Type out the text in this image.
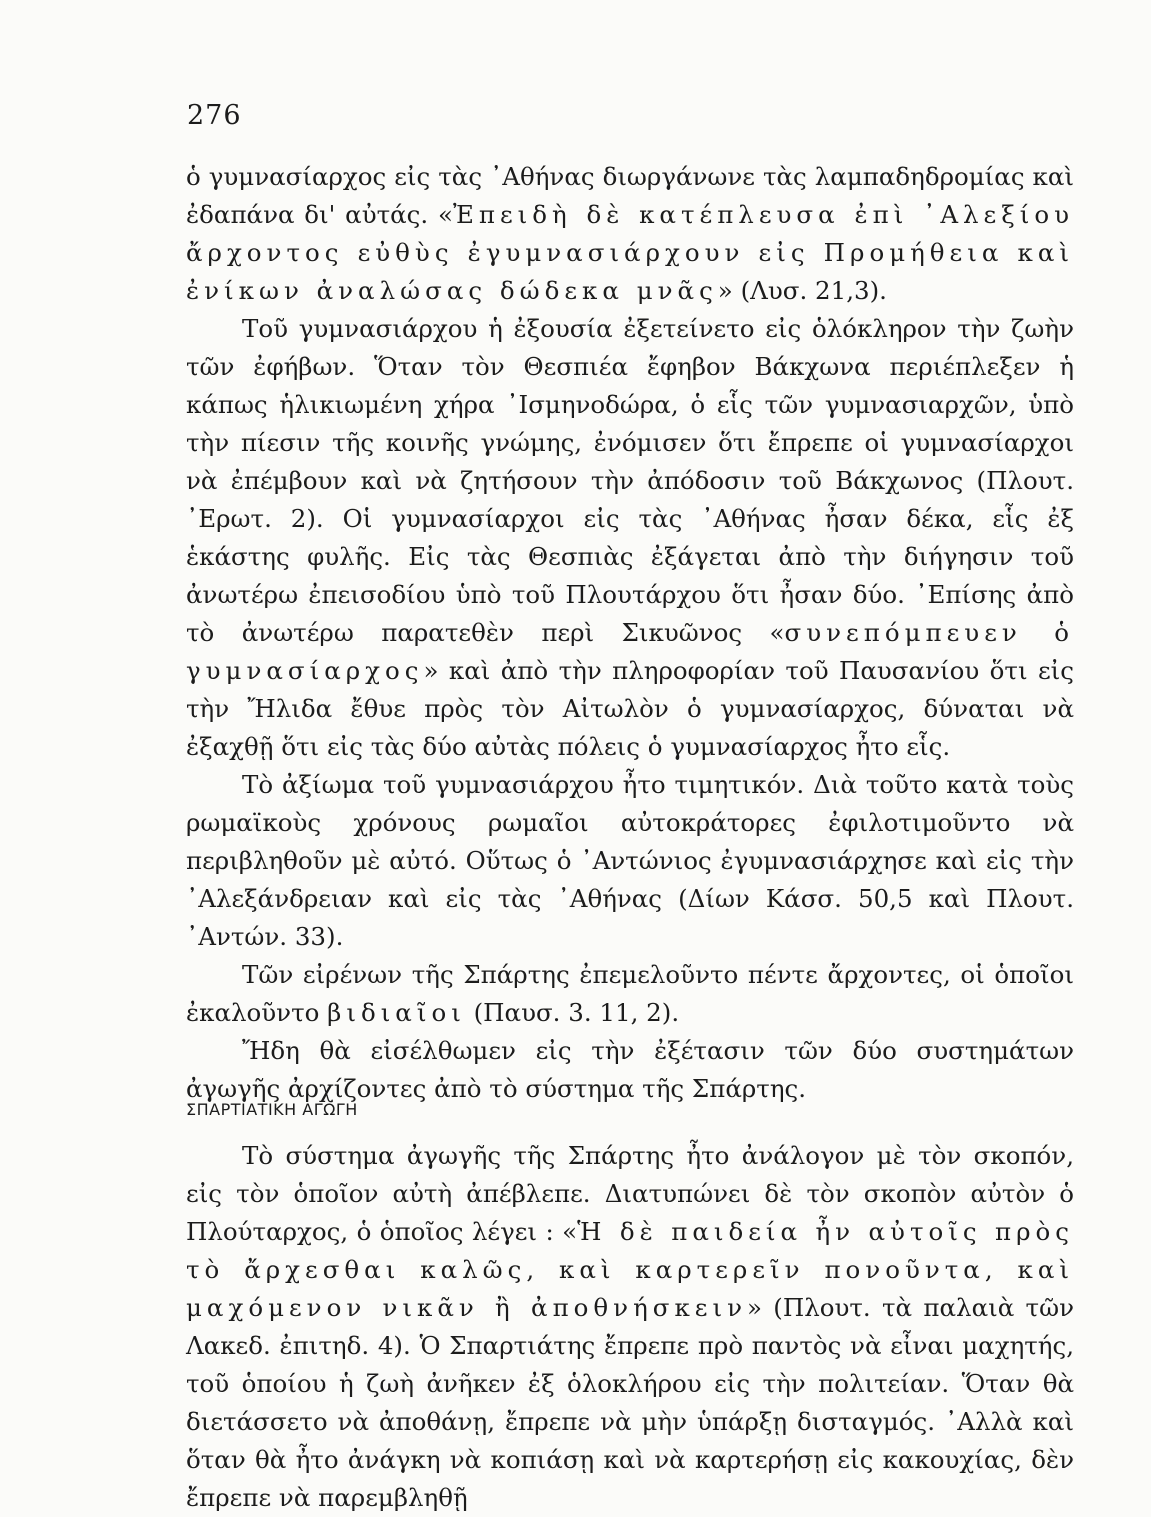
276

ὁ γυμνασίαρχος εἰς τὰς ᾿Αθήνας διωργάνωνε τὰς λαμπαδηδρομίας καὶ ἐδαπάνα δι' αὐτάς. «Ἐπειδὴ δὲ κατέπλευσα ἐπὶ ᾿Αλεξίου ἄρχοντος εὐθὺς ἐγυμνασιάρχουν εἰς Προμήθεια καὶ ἐνίκων ἀναλώσας δώδεκα μνᾶς» (Λυσ. 21,3).

Τοῦ γυμνασιάρχου ἡ ἐξουσία ἐξετείνετο εἰς ὁλόκληρον τὴν ζωὴν τῶν ἐφήβων. Ὅταν τὸν Θεσπιέα ἔφηβον Βάκχωνα περιέπλεξεν ἡ κάπως ἡλικιωμένη χήρα ᾿Ισμηνοδώρα, ὁ εἷς τῶν γυμνασιαρχῶν, ὑπὸ τὴν πίεσιν τῆς κοινῆς γνώμης, ἐνόμισεν ὅτι ἔπρεπε οἱ γυμνασίαρχοι νὰ ἐπέμβουν καὶ νὰ ζητήσουν τὴν ἀπόδοσιν τοῦ Βάκχωνος (Πλουτ. ᾿Ερωτ. 2). Οἱ γυμνασίαρχοι εἰς τὰς ᾿Αθήνας ἦσαν δέκα, εἷς ἐξ ἑκάστης φυλῆς. Εἰς τὰς Θεσπιὰς ἐξάγεται ἀπὸ τὴν διήγησιν τοῦ ἀνωτέρω ἐπεισοδίου ὑπὸ τοῦ Πλουτάρχου ὅτι ἦσαν δύο. ᾿Επίσης ἀπὸ τὸ ἀνωτέρω παρατεθὲν περὶ Σικυῶνος «συνεπόμπευεν ὁ γυμνασίαρχος» καὶ ἀπὸ τὴν πληροφορίαν τοῦ Παυσανίου ὅτι εἰς τὴν Ἤλιδα ἔθυε πρὸς τὸν Αἰτωλὸν ὁ γυμνασίαρχος, δύναται νὰ ἐξαχθῇ ὅτι εἰς τὰς δύο αὐτὰς πόλεις ὁ γυμνασίαρχος ἦτο εἷς.

Τὸ ἀξίωμα τοῦ γυμνασιάρχου ἦτο τιμητικόν. Διὰ τοῦτο κατὰ τοὺς ρωμαϊκοὺς χρόνους ρωμαῖοι αὐτοκράτορες ἐφιλοτιμοῦντο νὰ περιβληθοῦν μὲ αὐτό. Οὕτως ὁ ᾿Αντώνιος ἐγυμνασιάρχησε καὶ εἰς τὴν ᾿Αλεξάνδρειαν καὶ εἰς τὰς ᾿Αθήνας (Δίων Κάσσ. 50,5 καὶ Πλουτ. ᾿Αντών. 33).

Τῶν εἰρένων τῆς Σπάρτης ἐπεμελοῦντο πέντε ἄρχοντες, οἱ ὁποῖοι ἐκαλοῦντο βιδιαῖοι (Παυσ. 3. 11, 2).

Ἤδη θὰ εἰσέλθωμεν εἰς τὴν ἐξέτασιν τῶν δύο συστημάτων ἀγωγῆς ἀρχίζοντες ἀπὸ τὸ σύστημα τῆς Σπάρτης.

ΣΠΑΡΤΙΑΤΙΚΗ ΑΓΩΓΗ

Τὸ σύστημα ἀγωγῆς τῆς Σπάρτης ἦτο ἀνάλογον μὲ τὸν σκοπόν, εἰς τὸν ὁποῖον αὐτὴ ἀπέβλεπε. Διατυπώνει δὲ τὸν σκοπὸν αὐτὸν ὁ Πλούταρχος, ὁ ὁποῖος λέγει : «Ἡ δὲ παιδεία ἦν αὐτοῖς πρὸς τὸ ἄρχεσθαι καλῶς, καὶ καρτερεῖν πονοῦντα, καὶ μαχόμενον νικᾶν ἢ ἀποθνήσκειν» (Πλουτ. τὰ παλαιὰ τῶν Λακεδ. ἐπιτηδ. 4). Ὁ Σπαρτιάτης ἔπρεπε πρὸ παντὸς νὰ εἶναι μαχητής, τοῦ ὁποίου ἡ ζωὴ ἀνῆκεν ἐξ ὁλοκλήρου εἰς τὴν πολιτείαν. Ὅταν θὰ διετάσσετο νὰ ἀποθάνῃ, ἔπρεπε νὰ μὴν ὑπάρξῃ δισταγμός. ᾿Αλλὰ καὶ ὅταν θὰ ἦτο ἀνάγκη νὰ κοπιάσῃ καὶ νὰ καρτερήσῃ εἰς κακουχίας, δὲν ἔπρεπε νὰ παρεμβληθῇ
